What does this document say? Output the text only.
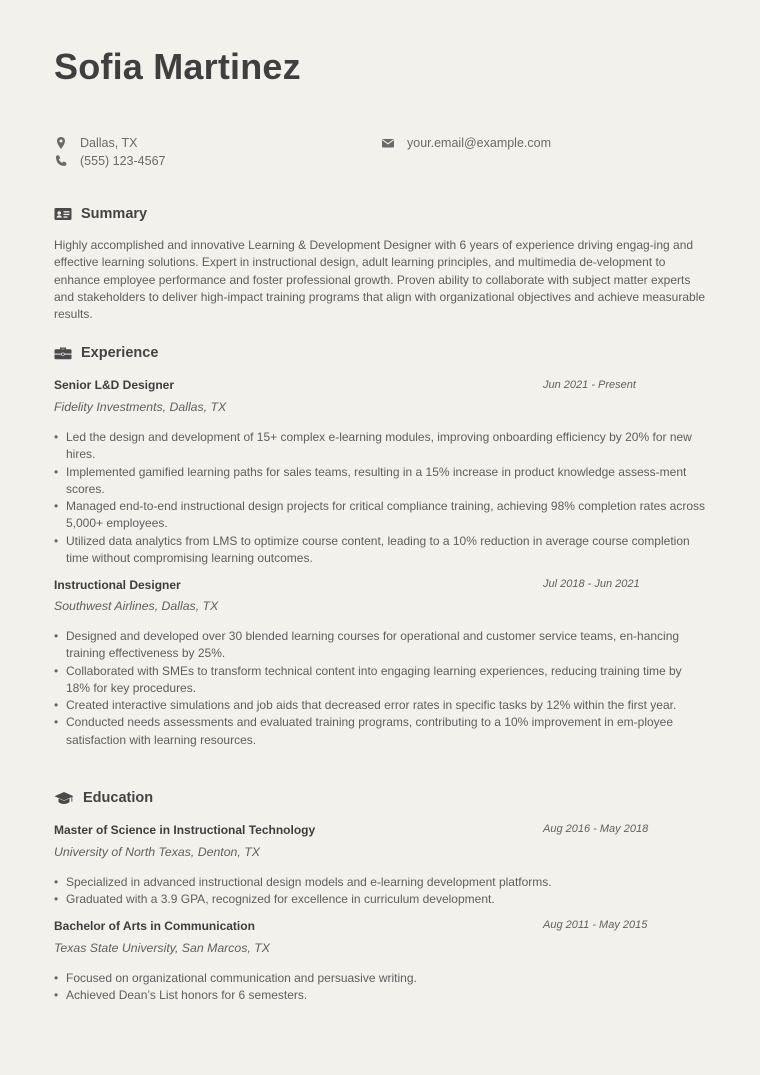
Sofia Martinez
Dallas, TX
(555) 123-4567
your.email@example.com
Summary

Highly accomplished and innovative Learning & Development Designer with 6 years of experience driving engag-ing and effective learning solutions. Expert in instructional design, adult learning principles, and multimedia de-velopment to enhance employee performance and foster professional growth. Proven ability to collaborate with subject matter experts and stakeholders to deliver high-impact training programs that align with organizational objectives and achieve measurable results.

Experience
Senior L&D Designer	Jun 2021 - Present
Fidelity Investments, Dallas, TX
• Led the design and development of 15+ complex e-learning modules, improving onboarding efficiency by 20% for new hires.
• Implemented gamified learning paths for sales teams, resulting in a 15% increase in product knowledge assess-ment scores.
• Managed end-to-end instructional design projects for critical compliance training, achieving 98% completion rates across 5,000+ employees.
• Utilized data analytics from LMS to optimize course content, leading to a 10% reduction in average course completion time without compromising learning outcomes.
Instructional Designer	Jul 2018 - Jun 2021
Southwest Airlines, Dallas, TX
• Designed and developed over 30 blended learning courses for operational and customer service teams, en-hancing training effectiveness by 25%.
• Collaborated with SMEs to transform technical content into engaging learning experiences, reducing training time by 18% for key procedures.
• Created interactive simulations and job aids that decreased error rates in specific tasks by 12% within the first year.
• Conducted needs assessments and evaluated training programs, contributing to a 10% improvement in em-ployee satisfaction with learning resources.
Education
Master of Science in Instructional Technology	Aug 2016 - May 2018
University of North Texas, Denton, TX
• Specialized in advanced instructional design models and e-learning development platforms.
• Graduated with a 3.9 GPA, recognized for excellence in curriculum development.
Bachelor of Arts in Communication	Aug 2011 - May 2015
Texas State University, San Marcos, TX
• Focused on organizational communication and persuasive writing.
• Achieved Dean’s List honors for 6 semesters.
